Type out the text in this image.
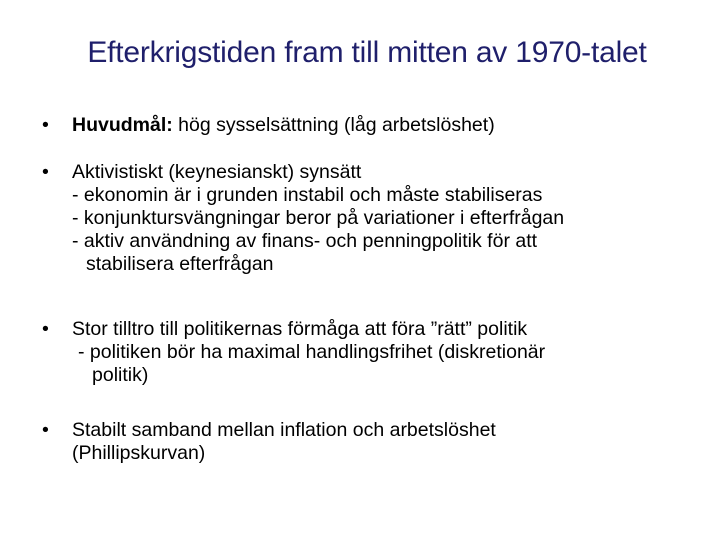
Efterkrigstiden fram till mitten av 1970-talet
•	Huvudmål: hög sysselsättning (låg arbetslöshet)
•	Aktivistiskt (keynesianskt) synsätt
- ekonomin är i grunden instabil och måste stabiliseras
- konjunktursvängningar beror på variationer i efterfrågan
- aktiv användning av finans- och penningpolitik för att
stabilisera efterfrågan
•	Stor tilltro till politikernas förmåga att föra ”rätt” politik
- politiken bör ha maximal handlingsfrihet (diskretionär
politik)
•	Stabilt samband mellan inflation och arbetslöshet
(Phillipskurvan)
